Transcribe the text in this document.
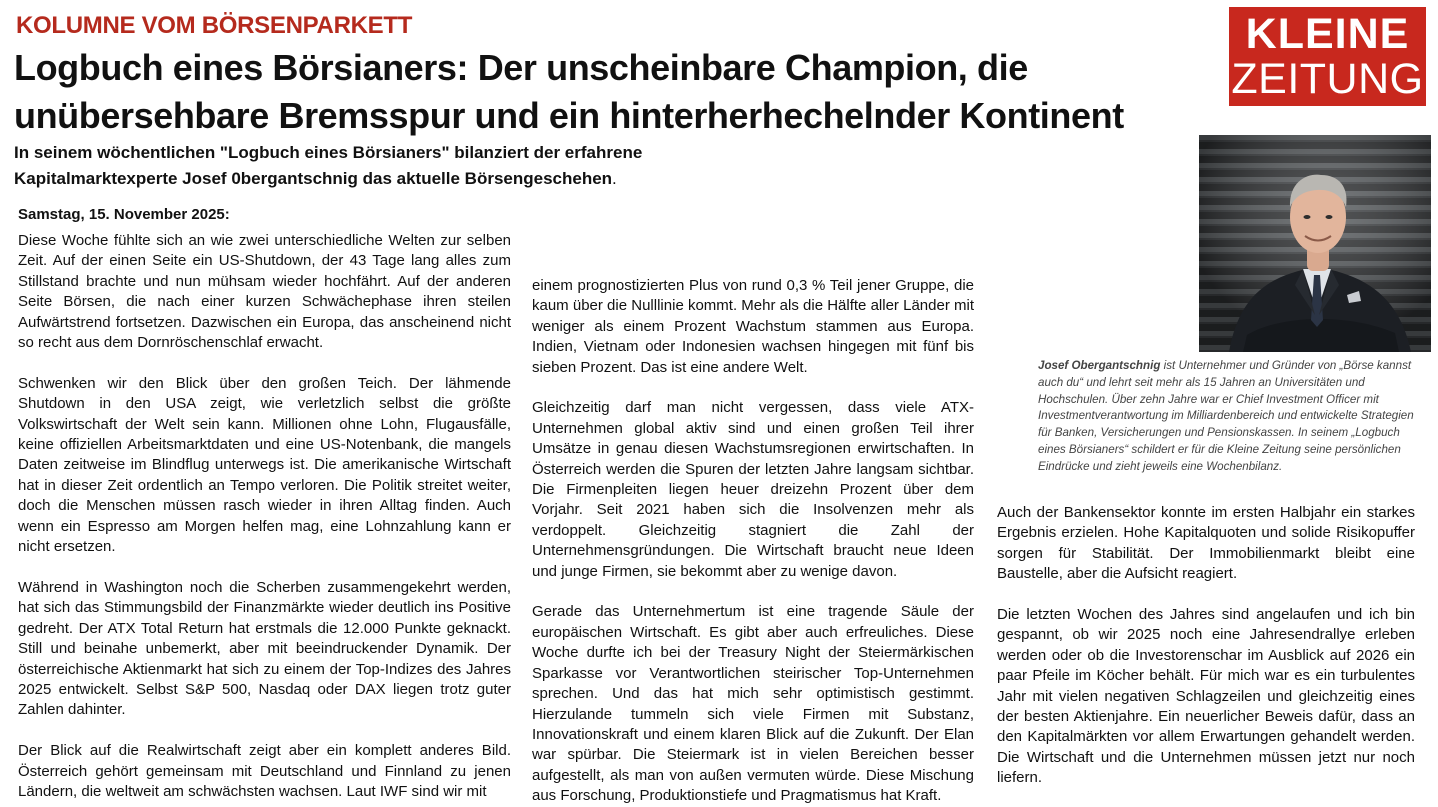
KOLUMNE VOM BÖRSENPARKETT
Logbuch eines Börsianers: Der unscheinbare Champion, die unübersehbare Bremsspur und ein hinterherhechelnder Kontinent
KLEINE
ZEITUNG

In seinem wöchentlichen "Logbuch eines Börsianers" bilanziert der erfahrene
Kapitalmarktexperte Josef 0bergantschnig das aktuelle Börsengeschehen.

Samstag, 15. November 2025:

Diese Woche fühlte sich an wie zwei unterschiedliche Welten zur selben Zeit. Auf der einen Seite ein US-Shutdown, der 43 Tage lang alles zum Stillstand brachte und nun mühsam wieder hochfährt. Auf der anderen Seite Börsen, die nach einer kurzen Schwächephase ihren steilen Aufwärtstrend fortsetzen. Dazwischen ein Europa, das anscheinend nicht so recht aus dem Dornröschenschlaf erwacht.

Schwenken wir den Blick über den großen Teich. Der lähmende Shutdown in den USA zeigt, wie verletzlich selbst die größte Volkswirtschaft der Welt sein kann. Millionen ohne Lohn, Flugausfälle, keine offiziellen Arbeitsmarktdaten und eine US-Notenbank, die mangels Daten zeitweise im Blindflug unterwegs ist. Die amerikanische Wirtschaft hat in dieser Zeit ordentlich an Tempo verloren. Die Politik streitet weiter, doch die Menschen müssen rasch wieder in ihren Alltag finden. Auch wenn ein Espresso am Morgen helfen mag, eine Lohnzahlung kann er nicht ersetzen.

Während in Washington noch die Scherben zusammengekehrt werden, hat sich das Stimmungsbild der Finanzmärkte wieder deutlich ins Positive gedreht. Der ATX Total Return hat erstmals die 12.000 Punkte geknackt. Still und beinahe unbemerkt, aber mit beeindruckender Dynamik. Der österreichische Aktienmarkt hat sich zu einem der Top-Indizes des Jahres 2025 entwickelt. Selbst S&P 500, Nasdaq oder DAX liegen trotz guter Zahlen dahinter.

Der Blick auf die Realwirtschaft zeigt aber ein komplett anderes Bild. Österreich gehört gemeinsam mit Deutschland und Finnland zu jenen Ländern, die weltweit am schwächsten wachsen. Laut IWF sind wir mit

einem prognostizierten Plus von rund 0,3 % Teil jener Gruppe, die kaum über die Nulllinie kommt. Mehr als die Hälfte aller Länder mit weniger als einem Prozent Wachstum stammen aus Europa. Indien, Vietnam oder Indonesien wachsen hingegen mit fünf bis sieben Prozent. Das ist eine andere Welt.

Gleichzeitig darf man nicht vergessen, dass viele ATX-Unternehmen global aktiv sind und einen großen Teil ihrer Umsätze in genau diesen Wachstumsregionen erwirtschaften. In Österreich werden die Spuren der letzten Jahre langsam sichtbar. Die Firmenpleiten liegen heuer dreizehn Prozent über dem Vorjahr. Seit 2021 haben sich die Insolvenzen mehr als verdoppelt. Gleichzeitig stagniert die Zahl der Unternehmensgründungen. Die Wirtschaft braucht neue Ideen und junge Firmen, sie bekommt aber zu wenige davon.

Gerade das Unternehmertum ist eine tragende Säule der europäischen Wirtschaft. Es gibt aber auch erfreuliches. Diese Woche durfte ich bei der Treasury Night der Steiermärkischen Sparkasse vor Verantwortlichen steirischer Top-Unternehmen sprechen. Und das hat mich sehr optimistisch gestimmt. Hierzulande tummeln sich viele Firmen mit Substanz, Innovationskraft und einem klaren Blick auf die Zukunft. Der Elan war spürbar. Die Steiermark ist in vielen Bereichen besser aufgestellt, als man von außen vermuten würde. Diese Mischung aus Forschung, Produktionstiefe und Pragmatismus hat Kraft.

Josef Obergantschnig ist Unternehmer und Gründer von „Börse kannst auch du“ und lehrt seit mehr als 15 Jahren an Universitäten und Hochschulen. Über zehn Jahre war er Chief Investment Officer mit Investmentverantwortung im Milliardenbereich und entwickelte Strategien für Banken, Versicherungen und Pensionskassen. In seinem „Logbuch eines Börsianers“ schildert er für die Kleine Zeitung seine persönlichen Eindrücke und zieht jeweils eine Wochenbilanz.

Auch der Bankensektor konnte im ersten Halbjahr ein starkes Ergebnis erzielen. Hohe Kapitalquoten und solide Risikopuffer sorgen für Stabilität. Der Immobilienmarkt bleibt eine Baustelle, aber die Aufsicht reagiert.

Die letzten Wochen des Jahres sind angelaufen und ich bin gespannt, ob wir 2025 noch eine Jahresendrallye erleben werden oder ob die Investorenschar im Ausblick auf 2026 ein paar Pfeile im Köcher behält. Für mich war es ein turbulentes Jahr mit vielen negativen Schlagzeilen und gleichzeitig eines der besten Aktienjahre. Ein neuerlicher Beweis dafür, dass an den Kapitalmärkten vor allem Erwartungen gehandelt werden. Die Wirtschaft und die Unternehmen müssen jetzt nur noch liefern.
